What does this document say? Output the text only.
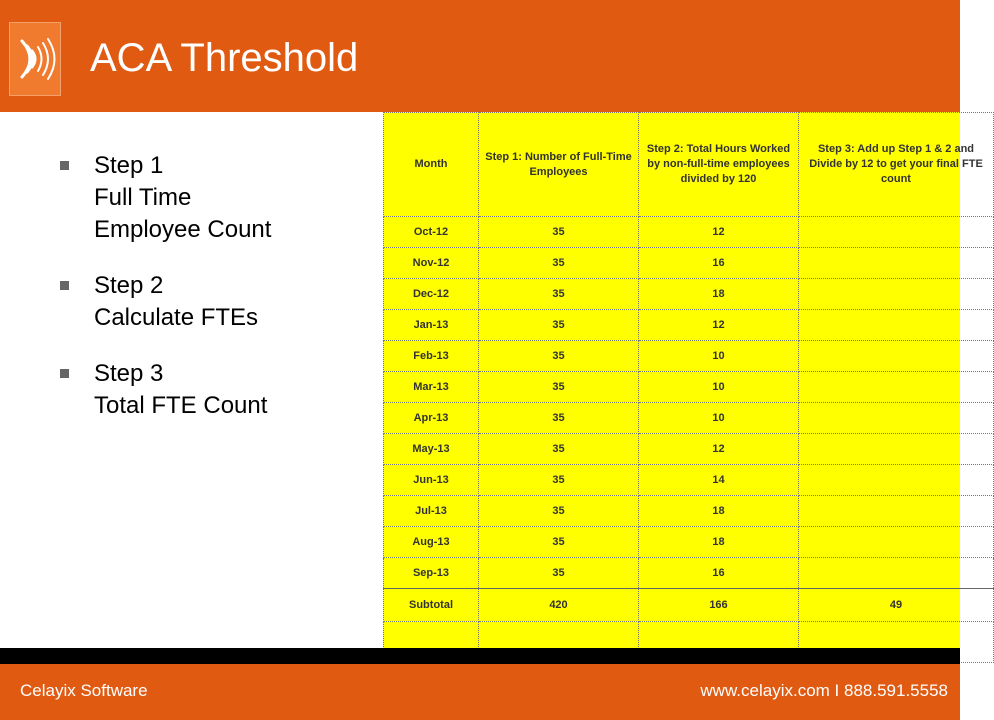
ACA Threshold
Step 1
Full Time
Employee Count
Step 2
Calculate FTEs
Step 3
Total FTE Count
Month	Step 1: Number of Full-Time Employees	Step 2: Total Hours Worked by non-full-time employees divided by 120	Step 3: Add up Step 1 & 2 and Divide by 12 to get your final FTE count
Oct-12	35	12	
Nov-12	35	16	
Dec-12	35	18	
Jan-13	35	12	
Feb-13	35	10	
Mar-13	35	10	
Apr-13	35	10	
May-13	35	12	
Jun-13	35	14	
Jul-13	35	18	
Aug-13	35	18	
Sep-13	35	16	
Subtotal	420	166	49

Celayix Software	www.celayix.com I 888.591.5558
